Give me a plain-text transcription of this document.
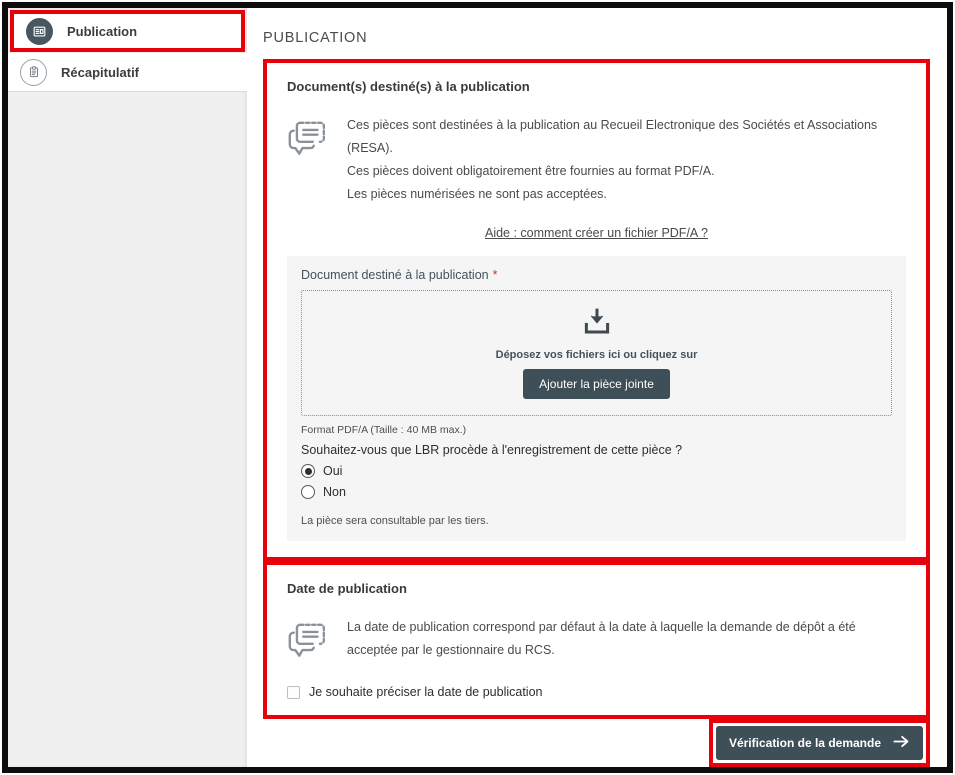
Publication
Récapitulatif
PUBLICATION
Document(s) destiné(s) à la publication
Ces pièces sont destinées à la publication au Recueil Electronique des Sociétés et Associations (RESA).
Ces pièces doivent obligatoirement être fournies au format PDF/A.
Les pièces numérisées ne sont pas acceptées.
Aide : comment créer un fichier PDF/A ?
Document destiné à la publication *
Déposez vos fichiers ici ou cliquez sur
Ajouter la pièce jointe
Format PDF/A (Taille : 40 MB max.)
Souhaitez-vous que LBR procède à l'enregistrement de cette pièce ?
Oui
Non
La pièce sera consultable par les tiers.
Date de publication
La date de publication correspond par défaut à la date à laquelle la demande de dépôt a été acceptée par le gestionnaire du RCS.
Je souhaite préciser la date de publication
Vérification de la demande
